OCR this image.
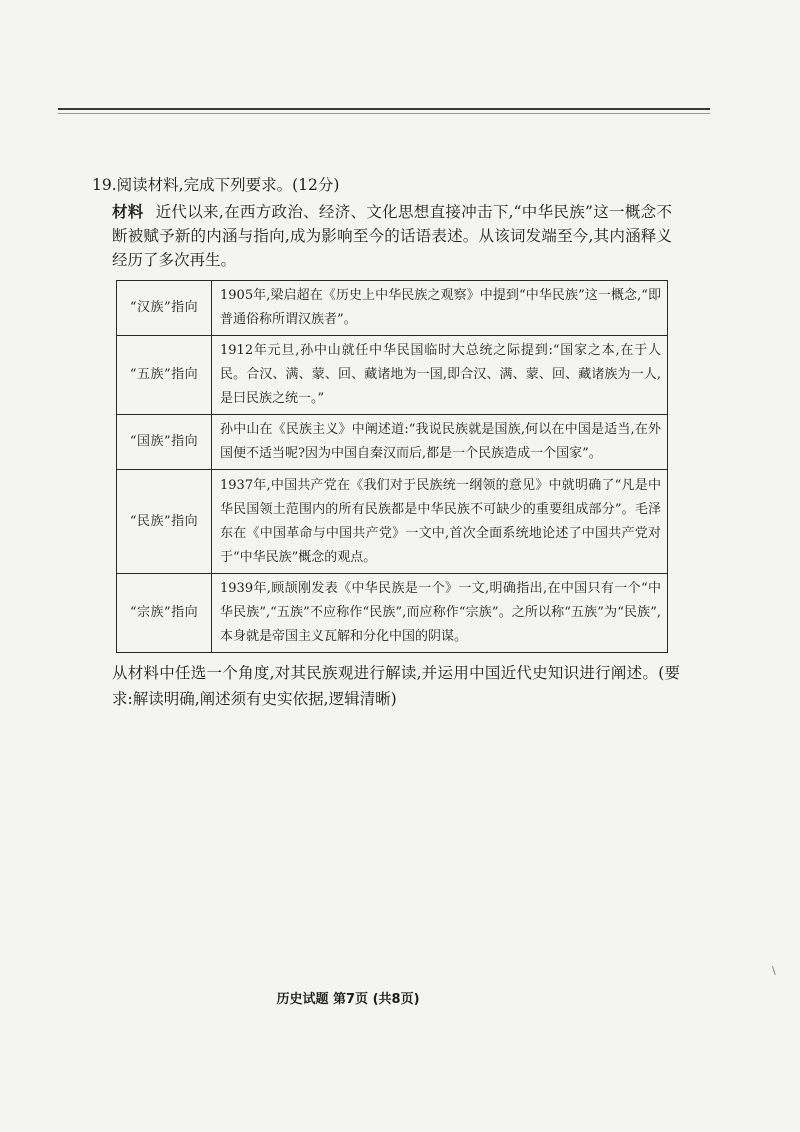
19.阅读材料,完成下列要求。(12分)
材料 近代以来,在西方政治、经济、文化思想直接冲击下,“中华民族”这一概念不断被赋予新的内涵与指向,成为影响至今的话语表述。从该词发端至今,其内涵释义经历了多次再生。
“汉族”指向	1905年,梁启超在《历史上中华民族之观察》中提到“中华民族”这一概念,“即普通俗称所谓汉族者”。
“五族”指向	1912年元旦,孙中山就任中华民国临时大总统之际提到:“国家之本,在于人民。合汉、满、蒙、回、藏诸地为一国,即合汉、满、蒙、回、藏诸族为一人,是曰民族之统一。”
“国族”指向	孙中山在《民族主义》中阐述道:“我说民族就是国族,何以在中国是适当,在外国便不适当呢?因为中国自秦汉而后,都是一个民族造成一个国家”。
“民族”指向	1937年,中国共产党在《我们对于民族统一纲领的意见》中就明确了“凡是中华民国领土范围内的所有民族都是中华民族不可缺少的重要组成部分”。毛泽东在《中国革命与中国共产党》一文中,首次全面系统地论述了中国共产党对于“中华民族”概念的观点。
“宗族”指向	1939年,顾颉刚发表《中华民族是一个》一文,明确指出,在中国只有一个“中华民族”,“五族”不应称作“民族”,而应称作“宗族”。之所以称“五族”为“民族”,本身就是帝国主义瓦解和分化中国的阴谋。
从材料中任选一个角度,对其民族观进行解读,并运用中国近代史知识进行阐述。(要求:解读明确,阐述须有史实依据,逻辑清晰)
历史试题 第7页 (共8页)
\
